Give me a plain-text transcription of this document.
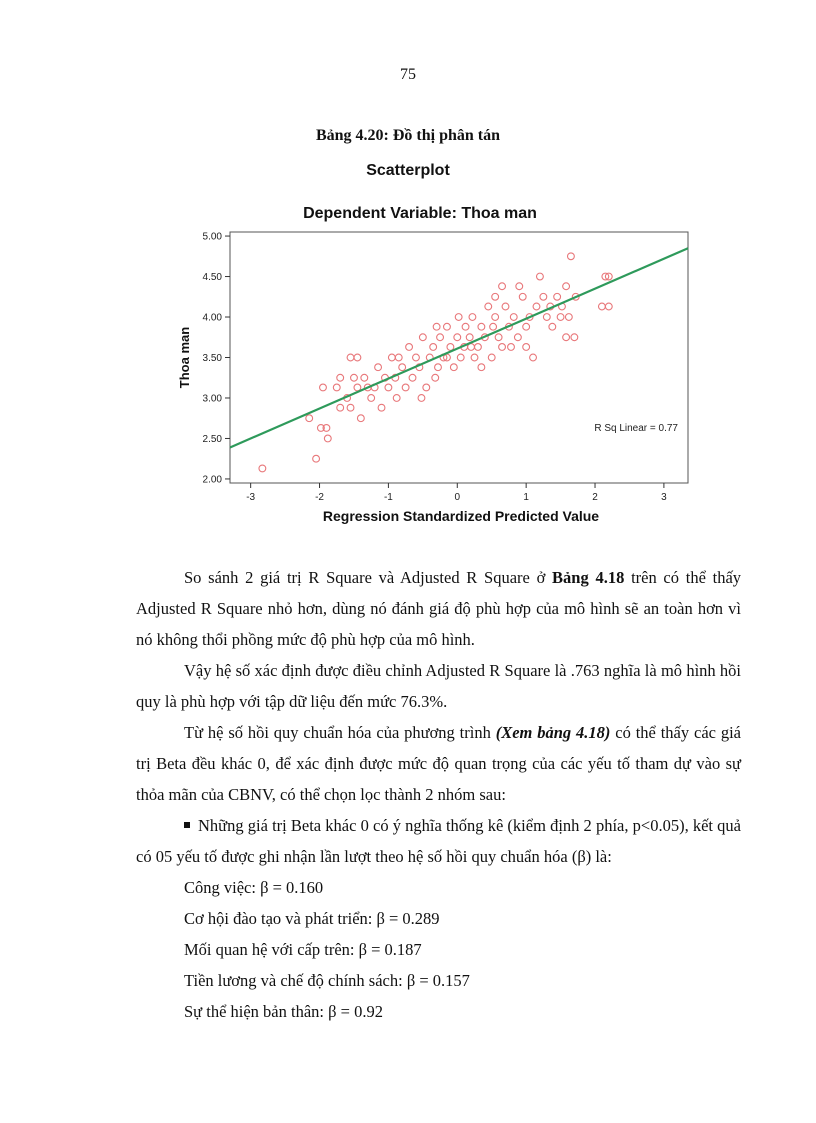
75
Bảng 4.20: Đồ thị phân tán
Scatterplot
Dependent Variable: Thoa man
2.00
2.50
3.00
3.50
4.00
4.50
5.00
-3	-2	-1	0	1	2	3
R Sq Linear = 0.77
Thoa man
Regression Standardized Predicted Value

So sánh 2 giá trị R Square và Adjusted R Square ở Bảng 4.18 trên có thể thấy Adjusted R Square nhỏ hơn, dùng nó đánh giá độ phù hợp của mô hình sẽ an toàn hơn vì nó không thổi phồng mức độ phù hợp của mô hình.

Vậy hệ số xác định được điều chỉnh Adjusted R Square là .763 nghĩa là mô hình hồi quy là phù hợp với tập dữ liệu đến mức 76.3%.

Từ hệ số hồi quy chuẩn hóa của phương trình (Xem bảng 4.18) có thể thấy các giá trị Beta đều khác 0, để xác định được mức độ quan trọng của các yếu tố tham dự vào sự thỏa mãn của CBNV, có thể chọn lọc thành 2 nhóm sau:

Những giá trị Beta khác 0 có ý nghĩa thống kê (kiểm định 2 phía, p<0.05), kết quả có 05 yếu tố được ghi nhận lần lượt theo hệ số hồi quy chuẩn hóa (β) là:

Công việc: β = 0.160

Cơ hội đào tạo và phát triển: β = 0.289

Mối quan hệ với cấp trên: β = 0.187

Tiền lương và chế độ chính sách: β = 0.157

Sự thể hiện bản thân: β = 0.92
